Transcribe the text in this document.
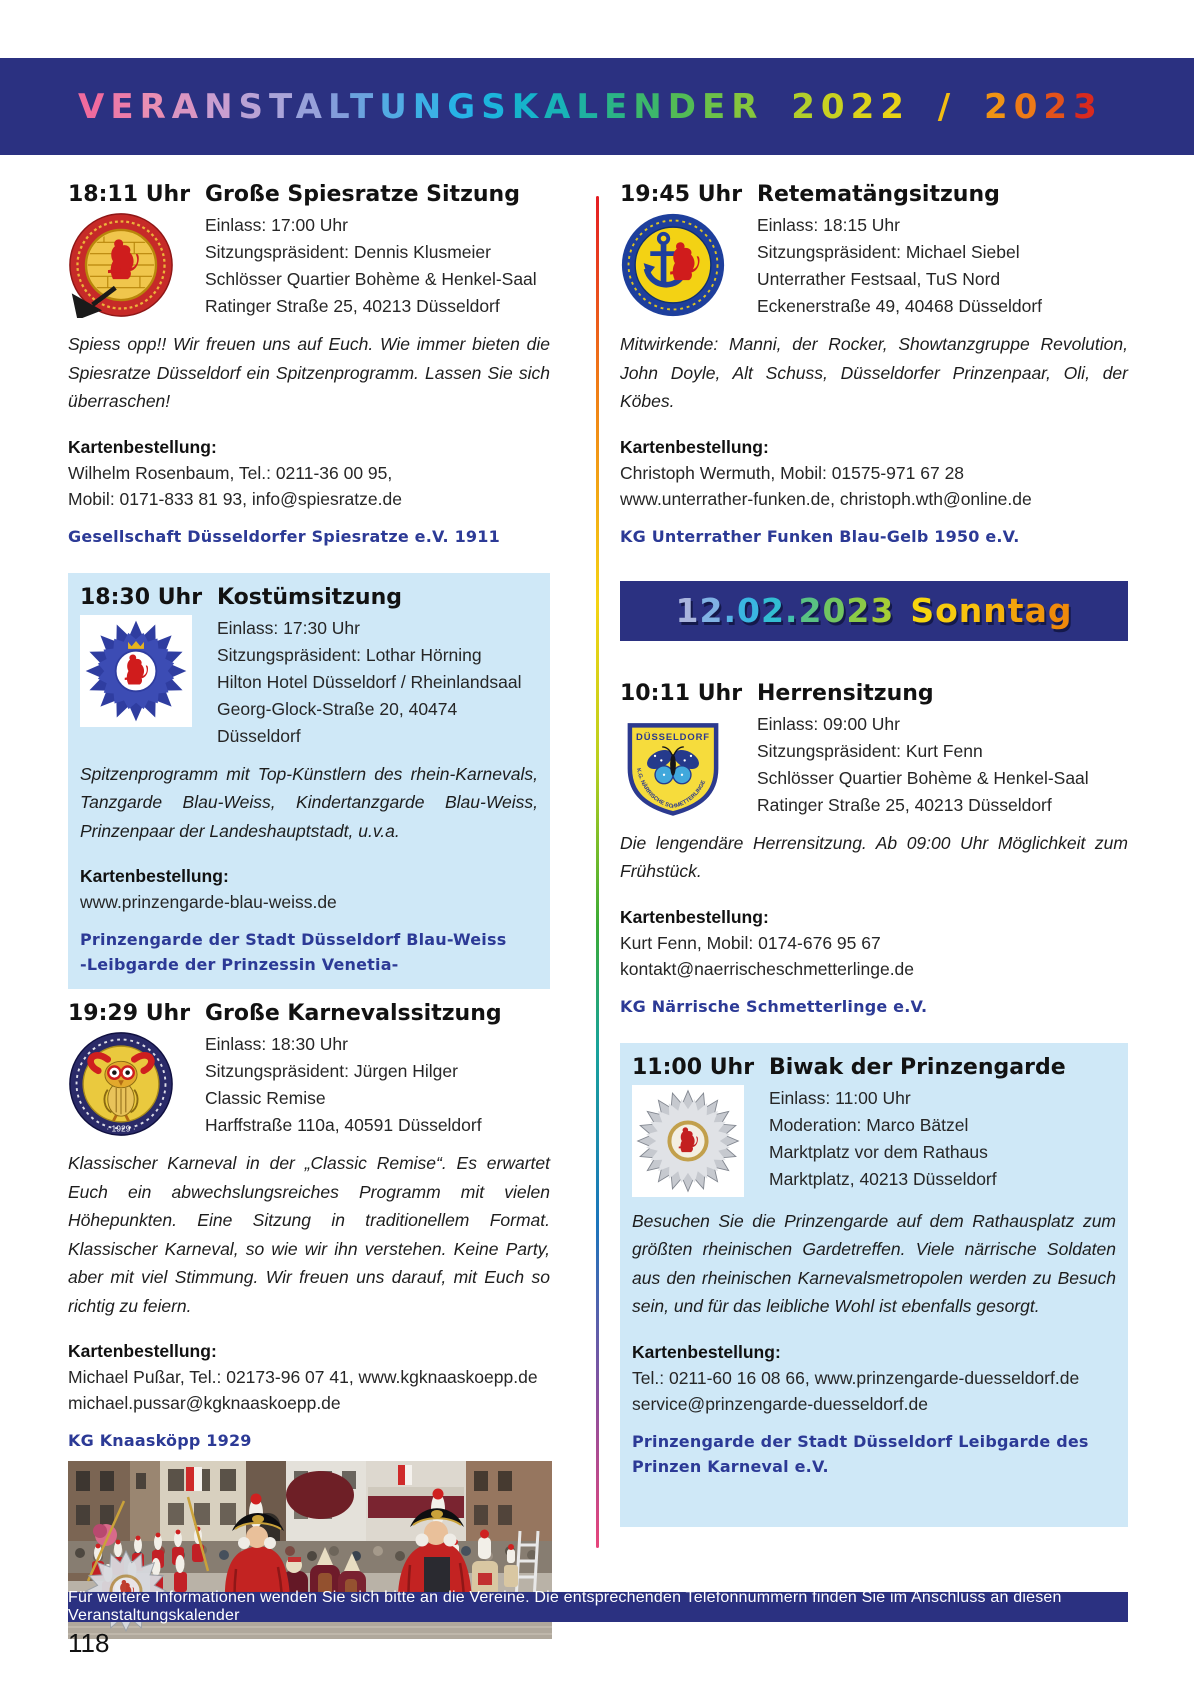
VERANSTALTUNGSKALENDER 2022 / 2023
18:11 Uhr Große Spiesratze Sitzung
Einlass: 17:00 Uhr
Sitzungspräsident: Dennis Klusmeier
Schlösser Quartier Bohème & Henkel-Saal
Ratinger Straße 25, 40213 Düsseldorf

Spiess opp!! Wir freuen uns auf Euch. Wie immer bieten die Spiesratze Düsseldorf ein Spitzenprogramm. Lassen Sie sich überraschen!

Kartenbestellung:
Wilhelm Rosenbaum, Tel.: 0211-36 00 95,
Mobil: 0171-833 81 93, info@spiesratze.de
Gesellschaft Düsseldorfer Spiesratze e.V. 1911
18:30 Uhr Kostümsitzung
Einlass: 17:30 Uhr
Sitzungspräsident: Lothar Hörning
Hilton Hotel Düsseldorf / Rheinlandsaal
Georg-Glock-Straße 20, 40474 Düsseldorf

Spitzenprogramm mit Top-Künstlern des rhein-Karnevals, Tanzgarde Blau-Weiss, Kindertanzgarde Blau-Weiss, Prinzenpaar der Landeshauptstadt, u.v.a.

Kartenbestellung:
www.prinzengarde-blau-weiss.de
Prinzengarde der Stadt Düsseldorf Blau-Weiss
-Leibgarde der Prinzessin Venetia-
19:29 Uhr Große Karnevalssitzung
· 1929 ·
Einlass: 18:30 Uhr
Sitzungspräsident: Jürgen Hilger
Classic Remise
Harffstraße 110a, 40591 Düsseldorf

Klassischer Karneval in der „Classic Remise“. Es erwartet Euch ein abwechslungsreiches Programm mit vielen Höhepunkten. Eine Sitzung in traditionellem Format. Klassischer Karneval, so wie wir ihn verstehen. Keine Party, aber mit viel Stimmung. Wir freuen uns darauf, mit Euch so richtig zu feiern.

Kartenbestellung:
Michael Pußar, Tel.: 02173-96 07 41, www.kgknaaskoepp.de
michael.pussar@kgknaaskoepp.de
KG Knaasköpp 1929
19:45 Uhr Retematängsitzung
Einlass: 18:15 Uhr
Sitzungspräsident: Michael Siebel
Unterrather Festsaal, TuS Nord
Eckenerstraße 49, 40468 Düsseldorf

Mitwirkende: Manni, der Rocker, Showtanzgruppe Revolution, John Doyle, Alt Schuss, Düsseldorfer Prinzenpaar, Oli, der Köbes.

Kartenbestellung:
Christoph Wermuth, Mobil: 01575-971 67 28
www.unterrather-funken.de, christoph.wth@online.de
KG Unterrather Funken Blau-Gelb 1950 e.V.
12.02.2023 Sonntag
10:11 Uhr Herrensitzung
DÜSSELDORF
K.G. NÄRRISCHE SCHMETTERLINGE
Einlass: 09:00 Uhr
Sitzungspräsident: Kurt Fenn
Schlösser Quartier Bohème & Henkel-Saal
Ratinger Straße 25, 40213 Düsseldorf

Die lengendäre Herrensitzung. Ab 09:00 Uhr Möglichkeit zum Frühstück.

Kartenbestellung:
Kurt Fenn, Mobil: 0174-676 95 67
kontakt@naerrischeschmetterlinge.de
KG Närrische Schmetterlinge e.V.
11:00 Uhr Biwak der Prinzengarde
Einlass: 11:00 Uhr
Moderation: Marco Bätzel
Marktplatz vor dem Rathaus
Marktplatz, 40213 Düsseldorf

Besuchen Sie die Prinzengarde auf dem Rathausplatz zum größten rheinischen Gardetreffen. Viele närrische Soldaten aus den rheinischen Karnevalsmetropolen werden zu Besuch sein, und für das leibliche Wohl ist ebenfalls gesorgt.

Kartenbestellung:
Tel.: 0211-60 16 08 66, www.prinzengarde-duesseldorf.de
service@prinzengarde-duesseldorf.de
Prinzengarde der Stadt Düsseldorf Leibgarde des
Prinzen Karneval e.V.
Für weitere Informationen wenden Sie sich bitte an die Vereine. Die entsprechenden Telefonnummern finden Sie im Anschluss an diesen Veranstaltungskalender
118
